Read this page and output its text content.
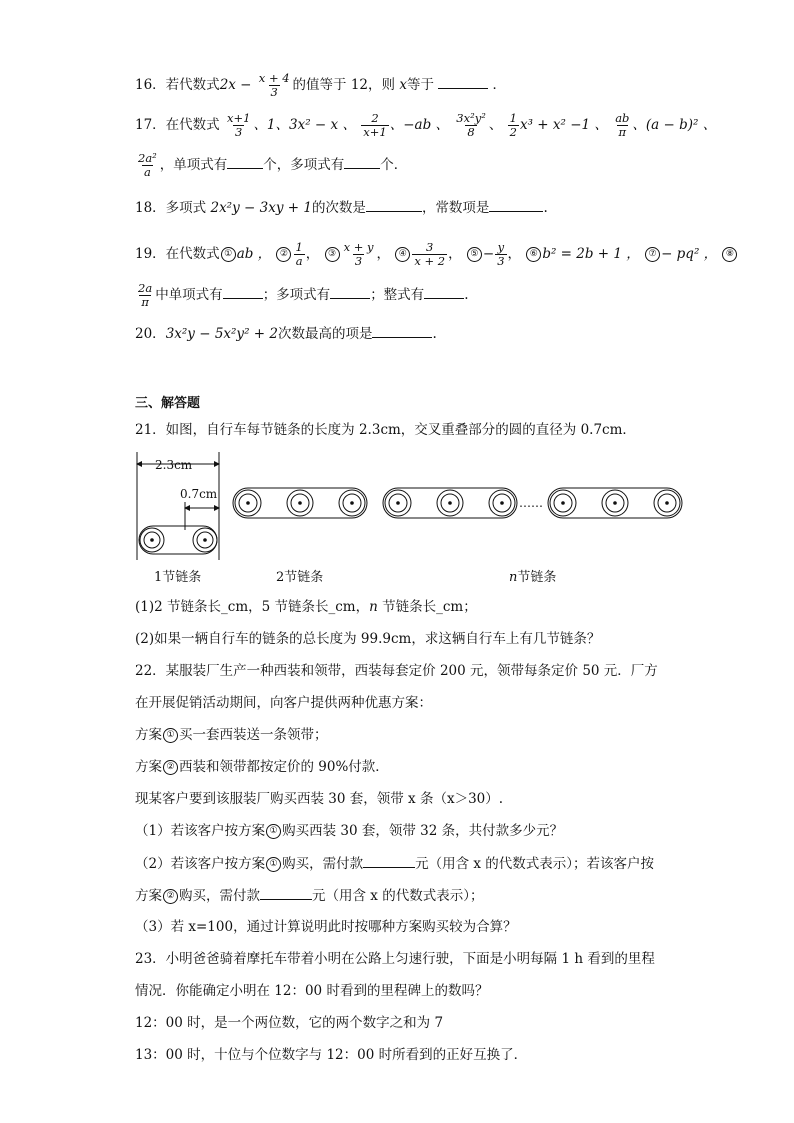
16．若代数式$2x - \frac{x + 4}{3}$ 的值等于 12，则 x等于	．
17．在代数式 $\frac{x+1}{3}$ 、1、3x² − x 、 $\frac{2}{x+1}$ 、−ab 、 $\frac{\text{3x²y²}}{8}$ 、 $\frac{1}{2} x^3 + x^2 -1$ 、 $\frac{ab}{\pi}$ 、(a − b)² 、
$\frac{\text{2a²}}{a}$ ，单项式有	个，多项式有	个．
18．多项式 2x²y − 3xy + 1的次数是	，常数项是	.
19．在代数式 ① ab ， ② $\frac{1}{a}$ ， ③ $\frac{x + y}{3}$ ， ④ $\frac{3}{x + 2}$ ， ⑤ − $\frac{y}{3}$ ， ⑥ b² = 2b + 1 ， ⑦ − pq² ， ⑧
$\frac{2a}{\pi}$ 中单项式有	；多项式有	；整式有	.
20．3x²y − 5x²y² + 2次数最高的项是	.
三、解答题
21．如图，自行车每节链条的长度为 2.3cm，交叉重叠部分的圆的直径为 0.7cm．
2.3cm
0.7cm
……
1节链条	2节链条	n节链条
(1)2 节链条长_cm，5 节链条长_cm，n 节链条长_cm；
(2)如果一辆自行车的链条的总长度为 99.9cm，求这辆自行车上有几节链条？
22．某服装厂生产一种西装和领带，西装每套定价 200 元，领带每条定价 50 元．厂方
在开展促销活动期间，向客户提供两种优惠方案：
方案 ① 买一套西装送一条领带；
方案 ② 西装和领带都按定价的 90%付款．
现某客户要到该服装厂购买西装 30 套，领带 x 条（x＞30）.
（1）若该客户按方案 ① 购买西装 30 套，领带 32 条，共付款多少元？
（2）若该客户按方案 ① 购买，需付款	元（用含 x 的代数式表示）；若该客户按
方案 ② 购买，需付款	元（用含 x 的代数式表示）；
（3）若 x=100，通过计算说明此时按哪种方案购买较为合算？
23．小明爸爸骑着摩托车带着小明在公路上匀速行驶，下面是小明每隔 1 h 看到的里程
情况．你能确定小明在 12：00 时看到的里程碑上的数吗？
12：00 时，是一个两位数，它的两个数字之和为 7
13：00 时，十位与个位数字与 12：00 时所看到的正好互换了．
